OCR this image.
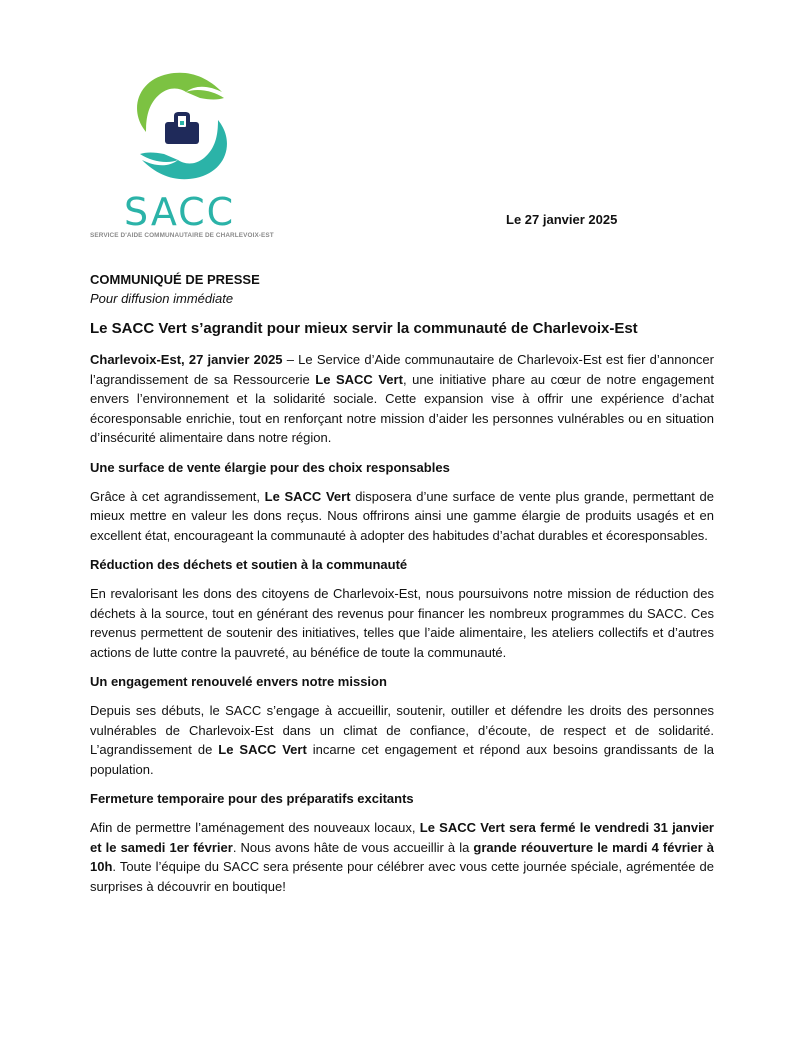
SACC
SERVICE D'AIDE COMMUNAUTAIRE DE CHARLEVOIX-EST
Le 27 janvier 2025

COMMUNIQUÉ DE PRESSE

Pour diffusion immédiate

Le SACC Vert s’agrandit pour mieux servir la communauté de Charlevoix-Est

Charlevoix-Est, 27 janvier 2025 – Le Service d’Aide communautaire de Charlevoix-Est est fier d’annoncer l’agrandissement de sa Ressourcerie Le SACC Vert, une initiative phare au cœur de notre engagement envers l’environnement et la solidarité sociale. Cette expansion vise à offrir une expérience d’achat écoresponsable enrichie, tout en renforçant notre mission d’aider les personnes vulnérables ou en situation d’insécurité alimentaire dans notre région.

Une surface de vente élargie pour des choix responsables

Grâce à cet agrandissement, Le SACC Vert disposera d’une surface de vente plus grande, permettant de mieux mettre en valeur les dons reçus. Nous offrirons ainsi une gamme élargie de produits usagés et en excellent état, encourageant la communauté à adopter des habitudes d’achat durables et écoresponsables.

Réduction des déchets et soutien à la communauté

En revalorisant les dons des citoyens de Charlevoix-Est, nous poursuivons notre mission de réduction des déchets à la source, tout en générant des revenus pour financer les nombreux programmes du SACC. Ces revenus permettent de soutenir des initiatives, telles que l’aide alimentaire, les ateliers collectifs et d’autres actions de lutte contre la pauvreté, au bénéfice de toute la communauté.

Un engagement renouvelé envers notre mission

Depuis ses débuts, le SACC s’engage à accueillir, soutenir, outiller et défendre les droits des personnes vulnérables de Charlevoix-Est dans un climat de confiance, d’écoute, de respect et de solidarité. L’agrandissement de Le SACC Vert incarne cet engagement et répond aux besoins grandissants de la population.

Fermeture temporaire pour des préparatifs excitants

Afin de permettre l’aménagement des nouveaux locaux, Le SACC Vert sera fermé le vendredi 31 janvier et le samedi 1er février. Nous avons hâte de vous accueillir à la grande réouverture le mardi 4 février à 10h. Toute l’équipe du SACC sera présente pour célébrer avec vous cette journée spéciale, agrémentée de surprises à découvrir en boutique!
